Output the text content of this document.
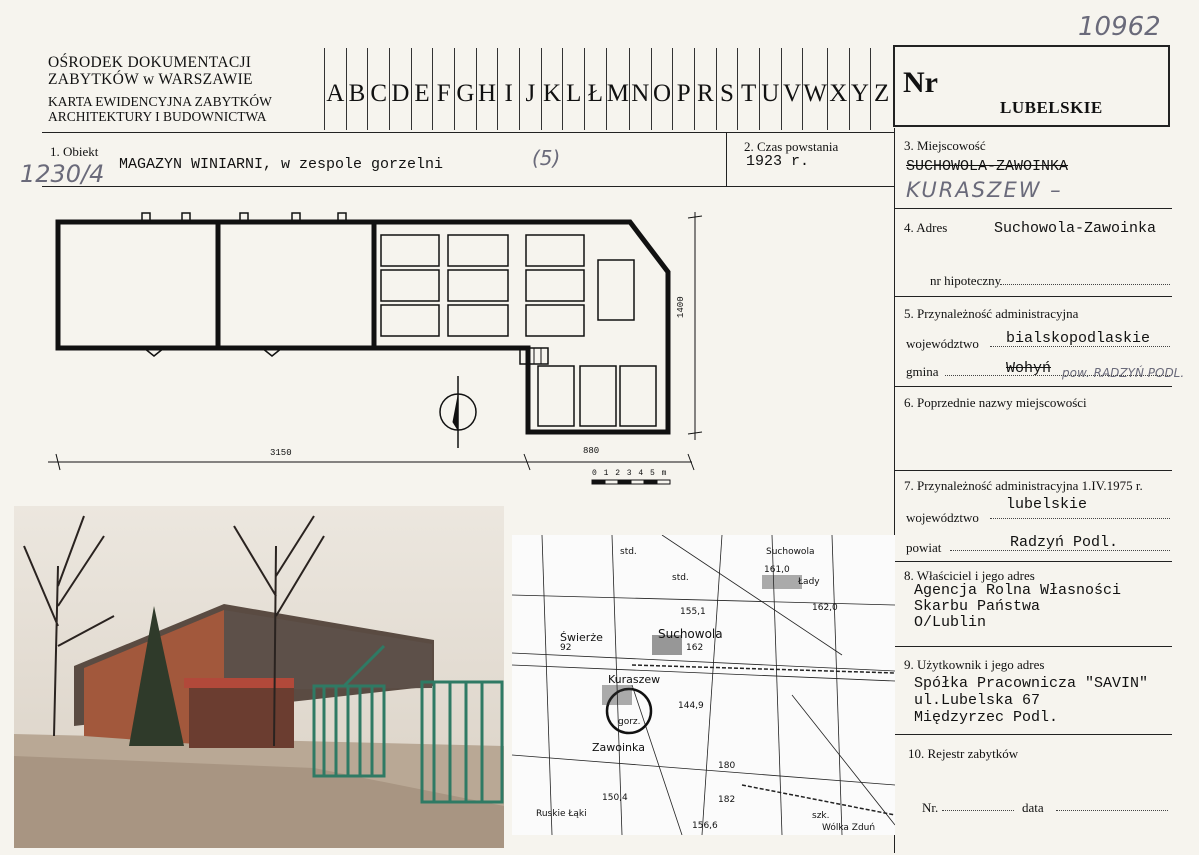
OŚRODEK DOKUMENTACJI
ZABYTKÓW w WARSZAWIE
KARTA EWIDENCYJNA ZABYTKÓW
ARCHITEKTURY I BUDOWNICTWA
A B C D E F G H I J K L Ł M N O P R S T U V W X Y Z Nr
LUBELSKIE
10962
1. Obiekt
MAGAZYN WINIARNI, w zespole gorzelni
1230/4
(5)	2. Czas powstania
1923 r.
3. Miejscowość
SUCHOWOLA-ZAWOINKA
KURASZEW –
4. Adres	Suchowola-Zawoinka
nr hipoteczny
5. Przynależność administracyjna
województwo bialskopodlaskie
gmina	Wohyń pow. RADZYŃ PODL.
6. Poprzednie nazwy miejscowości
7. Przynależność administracyjna 1.IV.1975 r.
województwo
lubelskie
powiat	Radzyń Podl.
8. Właściciel i jego adres
Agencja Rolna Własności
Skarbu Państwa
O/Lublin
9. Użytkownik i jego adres
Spółka Pracownicza "SAVIN"
ul.Lubelska 67
Międzyrzec Podl.
10. Rejestr zabytków
Nr.	data
3150	880
1400
0 1 2 3 4 5 m
Suchowola
161,0
Łady
std.
std.
155,1	162,0
Świerże
92
Suchowola
162
Kuraszew
144,9
gorz.
Zawoinka
180
150,4	182
szk.
Ruskie Łąki
156,6	Wólka Zduń
